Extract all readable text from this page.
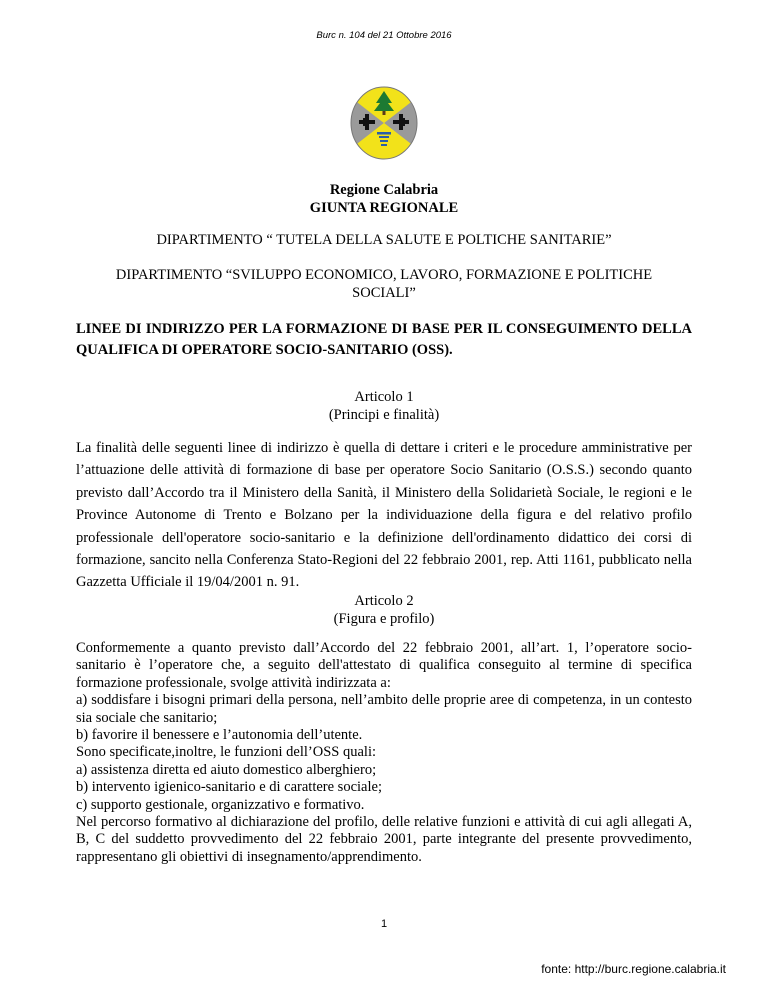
Burc n. 104 del 21 Ottobre 2016
Regione Calabria
GIUNTA REGIONALE
DIPARTIMENTO “ TUTELA DELLA SALUTE E POLTICHE SANITARIE”
DIPARTIMENTO “SVILUPPO ECONOMICO, LAVORO, FORMAZIONE E POLITICHE SOCIALI”
LINEE DI INDIRIZZO PER LA FORMAZIONE DI BASE PER IL CONSEGUIMENTO DELLA QUALIFICA DI OPERATORE SOCIO-SANITARIO (OSS).
Articolo 1
(Principi e finalità)

La finalità delle seguenti linee di indirizzo è quella di dettare i criteri e le procedure amministrative per l’attuazione delle attività di formazione di base per operatore Socio Sanitario (O.S.S.) secondo quanto previsto dall’Accordo tra il Ministero della Sanità, il Ministero della Solidarietà Sociale, le regioni e le Province Autonome di Trento e Bolzano per la individuazione della figura e del relativo profilo professionale dell'operatore socio-sanitario e la definizione dell'ordinamento didattico dei corsi di formazione, sancito nella Conferenza Stato-Regioni del 22 febbraio 2001, rep. Atti 1161, pubblicato nella Gazzetta Ufficiale il 19/04/2001 n. 91.

Articolo 2
(Figura e profilo)

Conformemente a quanto previsto dall’Accordo del 22 febbraio 2001, all’art. 1, l’operatore socio-sanitario è l’operatore che, a seguito dell'attestato di qualifica conseguito al termine di specifica formazione professionale, svolge attività indirizzata a:

a) soddisfare i bisogni primari della persona, nell’ambito delle proprie aree di competenza, in un contesto sia sociale che sanitario;

b) favorire il benessere e l’autonomia dell’utente.

Sono specificate,inoltre, le funzioni dell’OSS quali:

a) assistenza diretta ed aiuto domestico alberghiero;

b) intervento igienico-sanitario e di carattere sociale;

c) supporto gestionale, organizzativo e formativo.

Nel percorso formativo al dichiarazione del profilo, delle relative funzioni e attività di cui agli allegati A, B, C del suddetto provvedimento del 22 febbraio 2001, parte integrante del presente provvedimento, rappresentano gli obiettivi di insegnamento/apprendimento.

1
fonte: http://burc.regione.calabria.it
